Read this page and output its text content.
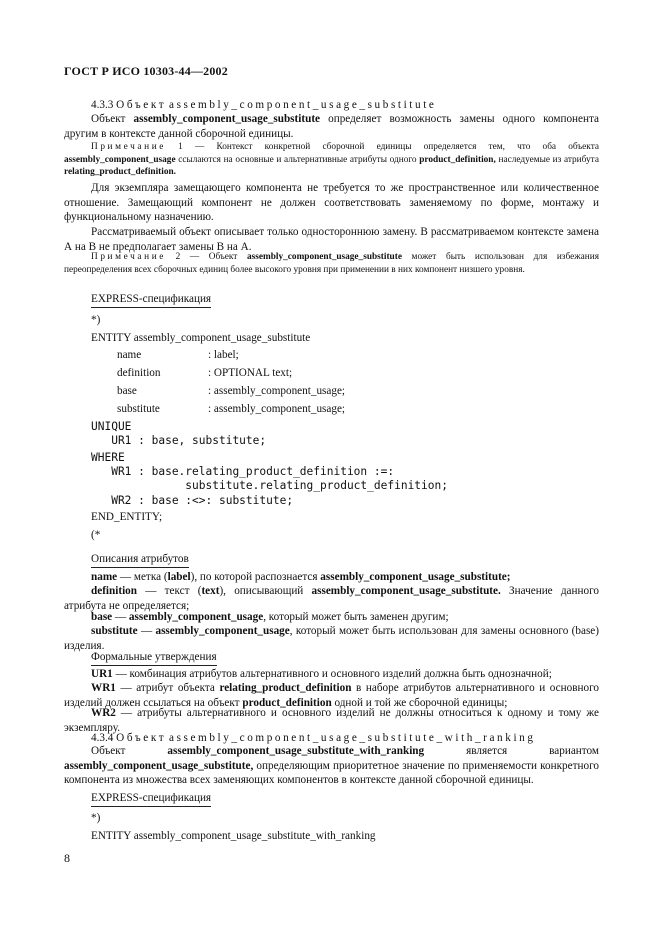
ГОСТ Р ИСО 10303-44—2002
4.3.3 Объект assembly_component_usage_substitute

Объект assembly_component_usage_substitute определяет возможность замены одного компонента другим в контексте данной сборочной единицы.

Примечание 1 — Контекст конкретной сборочной единицы определяется тем, что оба объекта assembly_component_usage ссылаются на основные и альтернативные атрибуты одного product_definition, наследуемые из атрибута relating_product_definition.

Для экземпляра замещающего компонента не требуется то же пространственное или количественное отношение. Замещающий компонент не должен соответствовать заменяемому по форме, монтажу и функциональному назначению.

Рассматриваемый объект описывает только одностороннюю замену. В рассматриваемом контексте замена А на В не предполагает замены В на А.

Примечание 2 — Объект assembly_component_usage_substitute может быть использован для избежания переопределения всех сборочных единиц более высокого уровня при применении в них компонент низшего уровня.

EXPRESS-спецификация
*)
ENTITY assembly_component_usage_substitute
name	: label;
definition	: OPTIONAL text;
base	: assembly_component_usage;
substitute	: assembly_component_usage;
UNIQUE
UR1 : base, substitute;
WHERE
WR1 : base.relating_product_definition :=:
substitute.relating_product_definition;
WR2 : base :<>: substitute;
END_ENTITY;
(*
Описания атрибутов

name — метка (label), по которой распознается assembly_component_usage_substitute;

definition — текст (text), описывающий assembly_component_usage_substitute. Значение данного атрибута не определяется;

base — assembly_component_usage, который может быть заменен другим;

substitute — assembly_component_usage, который может быть использован для замены основного (base) изделия.

Формальные утверждения

UR1 — комбинация атрибутов альтернативного и основного изделий должна быть однозначной;

WR1 — атрибут объекта relating_product_definition в наборе атрибутов альтернативного и основного изделий должен ссылаться на объект product_definition одной и той же сборочной единицы;

WR2 — атрибуты альтернативного и основного изделий не должны относиться к одному и тому же экземпляру.

4.3.4 Объект assembly_component_usage_substitute_with_ranking

Объект assembly_component_usage_substitute_with_ranking является вариантом assembly_component_usage_substitute, определяющим приоритетное значение по применяемости конкретного компонента из множества всех заменяющих компонентов в контексте данной сборочной единицы.

EXPRESS-спецификация
*)
ENTITY assembly_component_usage_substitute_with_ranking
8
